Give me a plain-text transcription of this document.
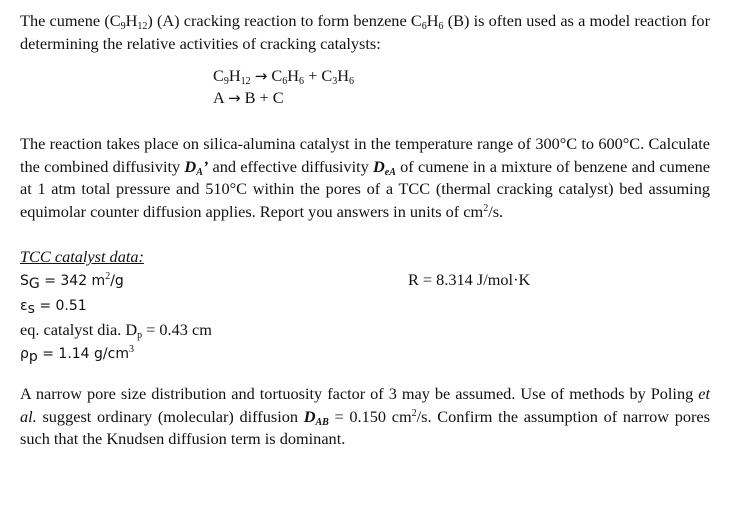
The cumene $(C_9H_{12})$ (A) cracking reaction to form benzene $C_6H_6$ (B) is often used as a model reaction for determining the relative activities of cracking catalysts:

$C_9H_{12} \to C_6H_6 + C_3H_6$
A → B + C

The reaction takes place on silica-alumina catalyst in the temperature range of 300°C to 600°C. Calculate the combined diffusivity $D_A$’ and effective diffusivity $D_{eA}$ of cumene in a mixture of benzene and cumene at 1 atm total pressure and 510°C within the pores of a TCC (thermal cracking catalyst) bed assuming equimolar counter diffusion applies. Report you answers in units of $cm^2/s$.

TCC catalyst data:
$S_G = 342$ $m^2/g$
$\varepsilon_s = 0.51$
eq. catalyst dia. $D_p = 0.43$ cm
$\rho_p = 1.14$ $g/cm^3$
R = 8.314 J/mol·K

A narrow pore size distribution and tortuosity factor of 3 may be assumed. Use of methods by Poling et al. suggest ordinary (molecular) diffusion $D_{AB} = 0.150$ $cm^2/s$. Confirm the assumption of narrow pores such that the Knudsen diffusion term is dominant.
